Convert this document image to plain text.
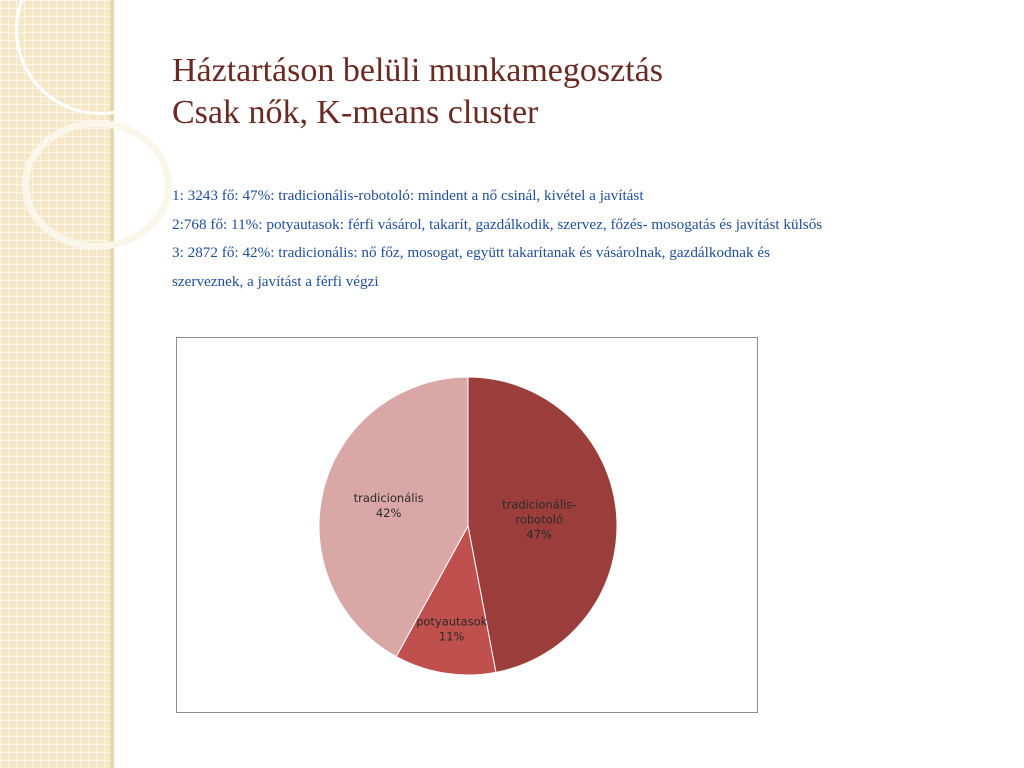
Háztartáson belüli munkamegosztás
Csak nők, K-means cluster

1: 3243 fő: 47%: tradicionális-robotoló: mindent a nő csinál, kivétel a javítást

2:768 fő: 11%: potyautasok: férfi vásárol, takarít, gazdálkodik, szervez, főzés- mosogatás és javítást külsős

3: 2872 fő: 42%: tradicionális: nő főz, mosogat, együtt takarítanak és vásárolnak, gazdálkodnak és szerveznek, a javítást a férfi végzi

tradicionális-robotoló 47%
potyautasok 11%
tradicionális 42%
